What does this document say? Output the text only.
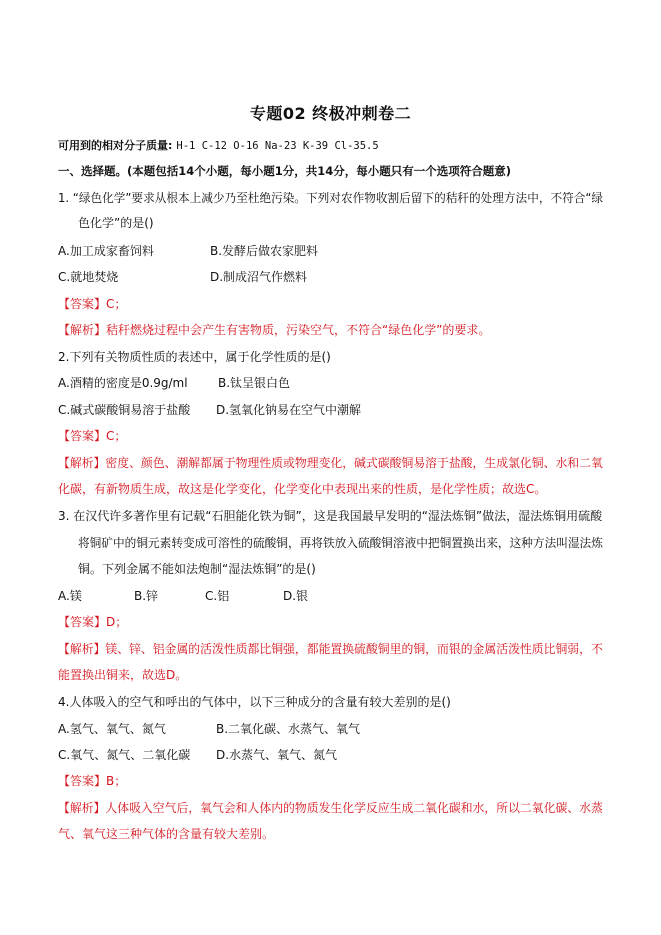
专题02 终极冲刺卷二
可用到的相对分子质量: H-1 C-12 O-16 Na-23 K-39 Cl-35.5
一、选择题。(本题包括14个小题，每小题1分，共14分，每小题只有一个选项符合题意)
1. “绿色化学”要求从根本上减少乃至杜绝污染。下列对农作物收割后留下的秸秆的处理方法中，不符合“绿
色化学”的是()
A.加工成家畜饲料	B.发酵后做农家肥料
C.就地焚烧	D.制成沼气作燃料
【答案】C；
【解析】秸秆燃烧过程中会产生有害物质，污染空气，不符合“绿色化学”的要求。
2.下列有关物质性质的表述中，属于化学性质的是()
A.酒精的密度是0.9g/ml	B.钛呈银白色
C.碱式碳酸铜易溶于盐酸 D.氢氧化钠易在空气中潮解
【答案】C；
【解析】密度、颜色、潮解都属于物理性质或物理变化，碱式碳酸铜易溶于盐酸，生成氯化铜、水和二氧
化碳，有新物质生成，故这是化学变化，化学变化中表现出来的性质，是化学性质；故选C。
3. 在汉代许多著作里有记载“石胆能化铁为铜”，这是我国最早发明的“湿法炼铜”做法，湿法炼铜用硫酸
将铜矿中的铜元素转变成可溶性的硫酸铜，再将铁放入硫酸铜溶液中把铜置换出来，这种方法叫湿法炼
铜。下列金属不能如法炮制“湿法炼铜”的是()
A.镁	B.锌	C.铝	D.银
【答案】D；
【解析】镁、锌、铝金属的活泼性质都比铜强，都能置换硫酸铜里的铜，而银的金属活泼性质比铜弱，不
能置换出铜来，故选D。
4.人体吸入的空气和呼出的气体中，以下三种成分的含量有较大差别的是()
A.氢气、氧气、氮气	B.二氧化碳、水蒸气、氧气
C.氧气、氮气、二氧化碳 D.水蒸气、氧气、氮气
【答案】B；
【解析】人体吸入空气后，氧气会和人体内的物质发生化学反应生成二氧化碳和水，所以二氧化碳、水蒸
气、氧气这三种气体的含量有较大差别。
